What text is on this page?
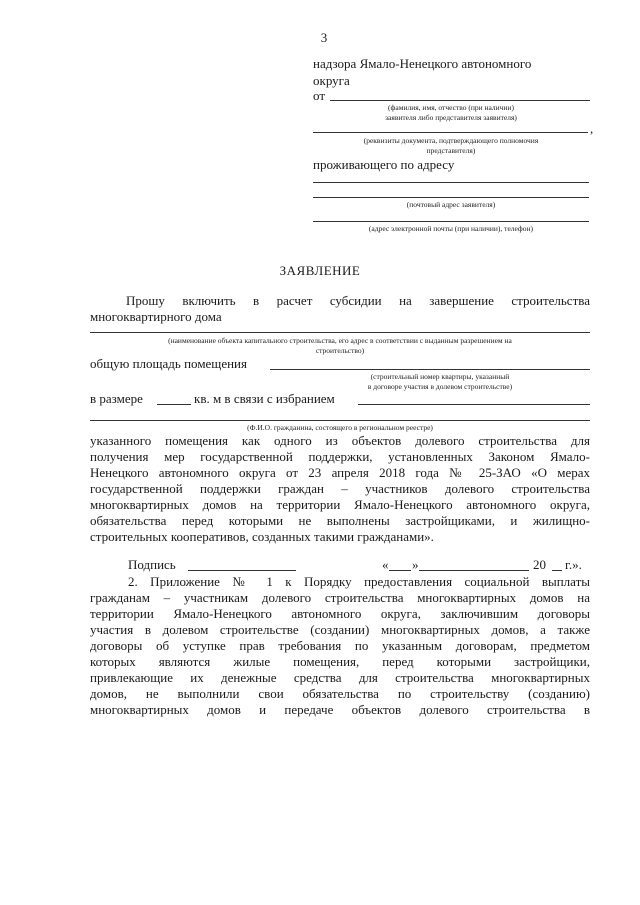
3
надзора Ямало-Ненецкого автономного
округа
от
(фамилия, имя, отчество (при наличии)
заявителя либо представителя заявителя)
,
(реквизиты документа, подтверждающего полномочия
представителя)
проживающего по адресу
(почтовый адрес заявителя)
(адрес электронной почты (при наличии), телефон)
ЗАЯВЛЕНИЕ
Прошу включить в расчет субсидии на завершение строительства
многоквартирного дома
(наименование объекта капитального строительства, его адрес в соответствии с выданным разрешением на
строительство)
общую площадь помещения
(строительный номер квартиры, указанный
в договоре участия в долевом строительстве)
в размере	кв. м в связи с избранием
(Ф.И.О. гражданина, состоящего в региональном реестре)
указанного помещения как одного из объектов долевого строительства для
получения мер государственной поддержки, установленных Законом Ямало-
Ненецкого автономного округа от 23 апреля 2018 года № 25-ЗАО «О мерах
государственной поддержки граждан – участников долевого строительства
многоквартирных домов на территории Ямало-Ненецкого автономного округа,
обязательства перед которыми не выполнены застройщиками, и жилищно-
строительных кооперативов, созданных такими гражданами».
Подпись	« »	20 г.».
2. Приложение № 1 к Порядку предоставления социальной выплаты
гражданам – участникам долевого строительства многоквартирных домов на
территории Ямало-Ненецкого автономного округа, заключившим договоры
участия в долевом строительстве (создании) многоквартирных домов, а также
договоры об уступке прав требования по указанным договорам, предметом
которых являются жилые помещения, перед которыми застройщики,
привлекающие их денежные средства для строительства многоквартирных
домов, не выполнили свои обязательства по строительству (созданию)
многоквартирных домов и передаче объектов долевого строительства в
